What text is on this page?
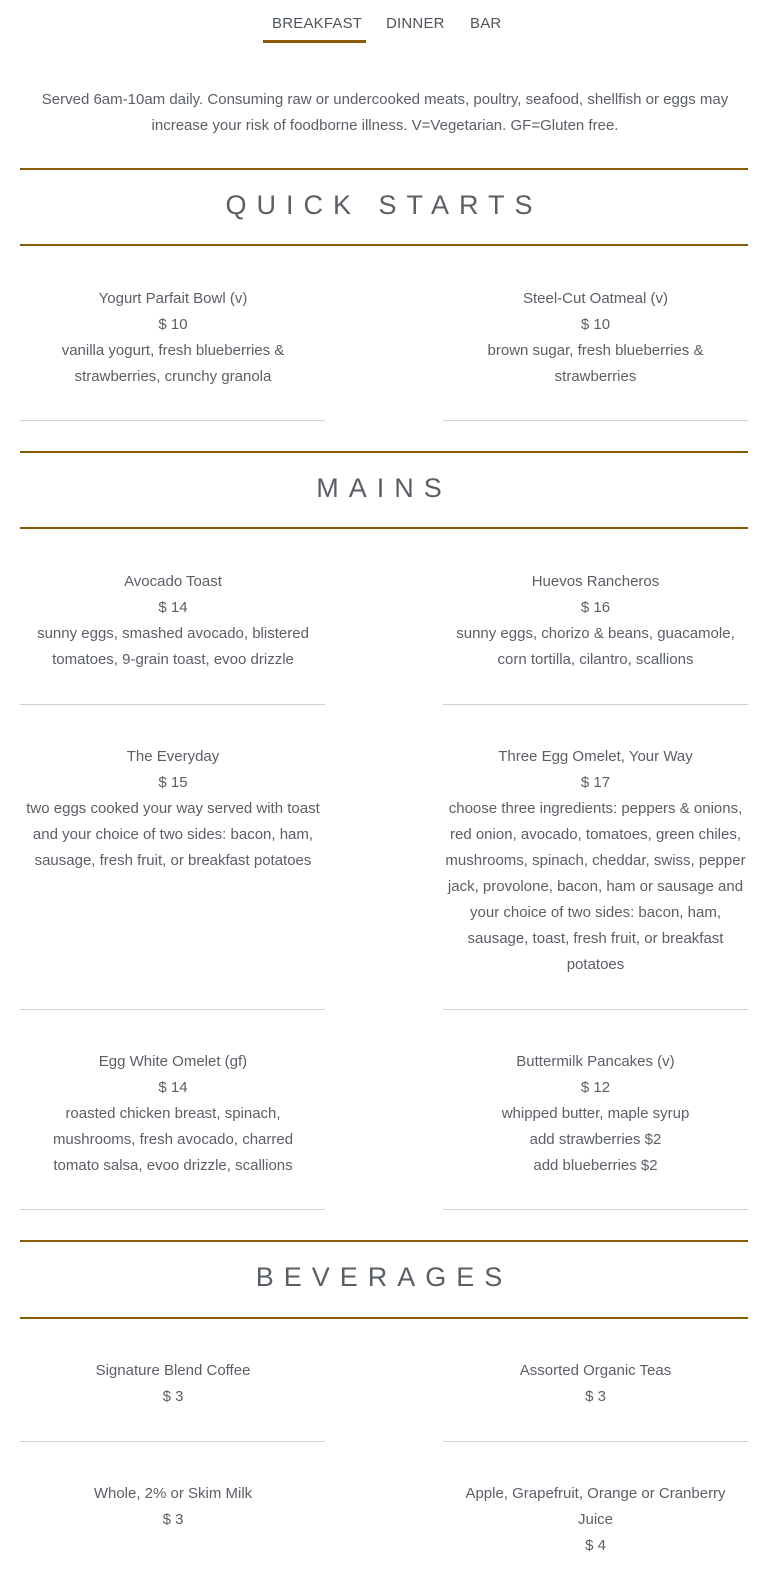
BREAKFAST DINNER BAR

Served 6am-10am daily. Consuming raw or undercooked meats, poultry, seafood, shellfish or eggs may increase your risk of foodborne illness. V=Vegetarian. GF=Gluten free.

QUICK STARTS
Yogurt Parfait Bowl (v)
$ 10
vanilla yogurt, fresh blueberries & strawberries, crunchy granola
Steel-Cut Oatmeal (v)
$ 10
brown sugar, fresh blueberries & strawberries
MAINS
Avocado Toast
$ 14
sunny eggs, smashed avocado, blistered tomatoes, 9-grain toast, evoo drizzle
Huevos Rancheros
$ 16
sunny eggs, chorizo & beans, guacamole, corn tortilla, cilantro, scallions
The Everyday
$ 15
two eggs cooked your way served with toast and your choice of two sides: bacon, ham, sausage, fresh fruit, or breakfast potatoes
Three Egg Omelet, Your Way
$ 17
choose three ingredients: peppers & onions, red onion, avocado, tomatoes, green chiles, mushrooms, spinach, cheddar, swiss, pepper jack, provolone, bacon, ham or sausage and your choice of two sides: bacon, ham, sausage, toast, fresh fruit, or breakfast potatoes
Egg White Omelet (gf)
$ 14
roasted chicken breast, spinach, mushrooms, fresh avocado, charred tomato salsa, evoo drizzle, scallions
Buttermilk Pancakes (v)
$ 12
whipped butter, maple syrup
add strawberries $2
add blueberries $2
BEVERAGES
Signature Blend Coffee
$ 3
Assorted Organic Teas
$ 3
Whole, 2% or Skim Milk
$ 3
Apple, Grapefruit, Orange or Cranberry Juice
$ 4
